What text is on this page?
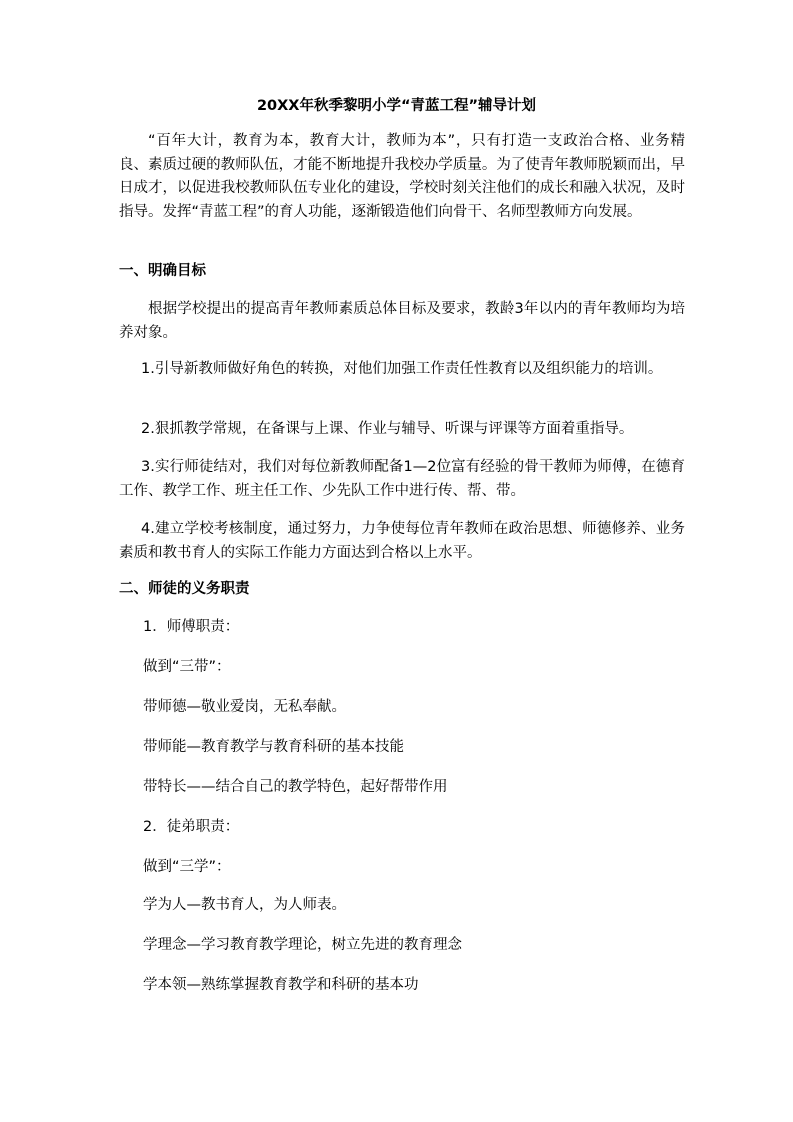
20XX年秋季黎明小学“青蓝工程”辅导计划
“百年大计，教育为本，教育大计，教师为本”，只有打造一支政治合格、业务精良、素质过硬的教师队伍，才能不断地提升我校办学质量。为了使青年教师脱颖而出，早日成才，以促进我校教师队伍专业化的建设，学校时刻关注他们的成长和融入状况，及时指导。发挥“青蓝工程”的育人功能，逐渐锻造他们向骨干、名师型教师方向发展。
一、明确目标
根据学校提出的提高青年教师素质总体目标及要求，教龄3年以内的青年教师均为培养对象。
1.引导新教师做好角色的转换，对他们加强工作责任性教育以及组织能力的培训。
2.狠抓教学常规，在备课与上课、作业与辅导、听课与评课等方面着重指导。
3.实行师徒结对，我们对每位新教师配备1—2位富有经验的骨干教师为师傅，在德育工作、教学工作、班主任工作、少先队工作中进行传、帮、带。
4.建立学校考核制度，通过努力，力争使每位青年教师在政治思想、师德修养、业务素质和教书育人的实际工作能力方面达到合格以上水平。
二、师徒的义务职责
1．师傅职责：
做到“三带”：
带师德—敬业爱岗，无私奉献。
带师能—教育教学与教育科研的基本技能
带特长——结合自己的教学特色，起好帮带作用
2．徒弟职责：
做到“三学”：
学为人—教书育人，为人师表。
学理念—学习教育教学理论，树立先进的教育理念
学本领—熟练掌握教育教学和科研的基本功
